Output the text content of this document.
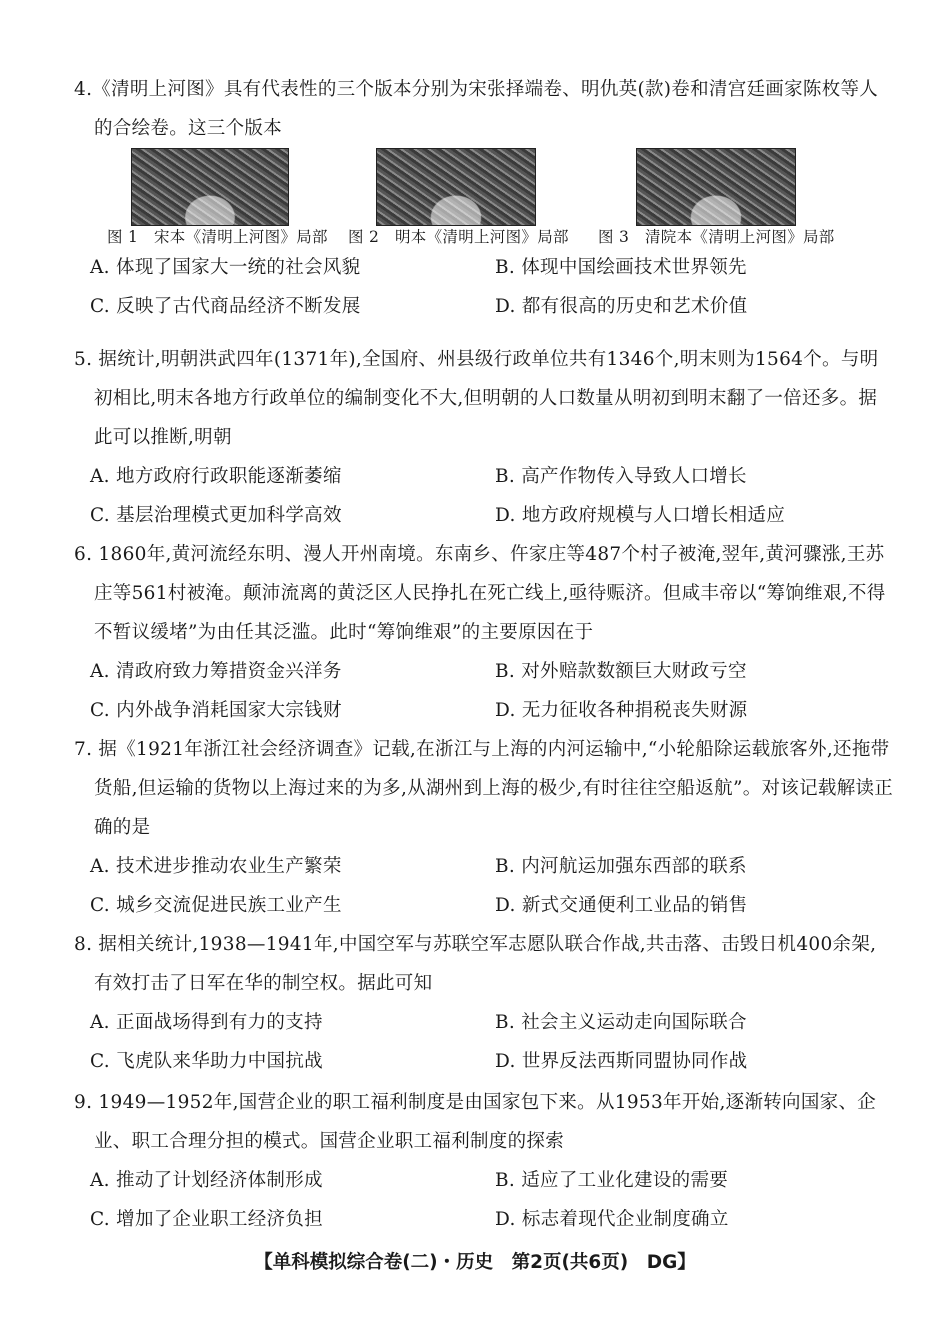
4.《清明上河图》具有代表性的三个版本分别为宋张择端卷、明仇英(款)卷和清宫廷画家陈枚等人的合绘卷。这三个版本

图 1　宋本《清明上河图》局部 图 2　明本《清明上河图》局部 图 3　清院本《清明上河图》局部
A. 体现了国家大一统的社会风貌	B. 体现中国绘画技术世界领先
C. 反映了古代商品经济不断发展	D. 都有很高的历史和艺术价值

5. 据统计,明朝洪武四年(1371年),全国府、州县级行政单位共有1346个,明末则为1564个。与明初相比,明末各地方行政单位的编制变化不大,但明朝的人口数量从明初到明末翻了一倍还多。据此可以推断,明朝

A. 地方政府行政职能逐渐萎缩	B. 高产作物传入导致人口增长
C. 基层治理模式更加科学高效	D. 地方政府规模与人口增长相适应

6. 1860年,黄河流经东明、漫人开州南境。东南乡、仵家庄等487个村子被淹,翌年,黄河骤涨,王苏庄等561村被淹。颠沛流离的黄泛区人民挣扎在死亡线上,亟待赈济。但咸丰帝以“筹饷维艰,不得不暂议缓堵”为由任其泛滥。此时“筹饷维艰”的主要原因在于

A. 清政府致力筹措资金兴洋务	B. 对外赔款数额巨大财政亏空
C. 内外战争消耗国家大宗钱财	D. 无力征收各种捐税丧失财源

7. 据《1921年浙江社会经济调查》记载,在浙江与上海的内河运输中,“小轮船除运载旅客外,还拖带货船,但运输的货物以上海过来的为多,从湖州到上海的极少,有时往往空船返航”。对该记载解读正确的是

A. 技术进步推动农业生产繁荣	B. 内河航运加强东西部的联系
C. 城乡交流促进民族工业产生	D. 新式交通便利工业品的销售

8. 据相关统计,1938—1941年,中国空军与苏联空军志愿队联合作战,共击落、击毁日机400余架,有效打击了日军在华的制空权。据此可知

A. 正面战场得到有力的支持	B. 社会主义运动走向国际联合
C. 飞虎队来华助力中国抗战	D. 世界反法西斯同盟协同作战

9. 1949—1952年,国营企业的职工福利制度是由国家包下来。从1953年开始,逐渐转向国家、企业、职工合理分担的模式。国营企业职工福利制度的探索

A. 推动了计划经济体制形成	B. 适应了工业化建设的需要
C. 增加了企业职工经济负担	D. 标志着现代企业制度确立
【单科模拟综合卷(二)・历史　第2页(共6页)　DG】
